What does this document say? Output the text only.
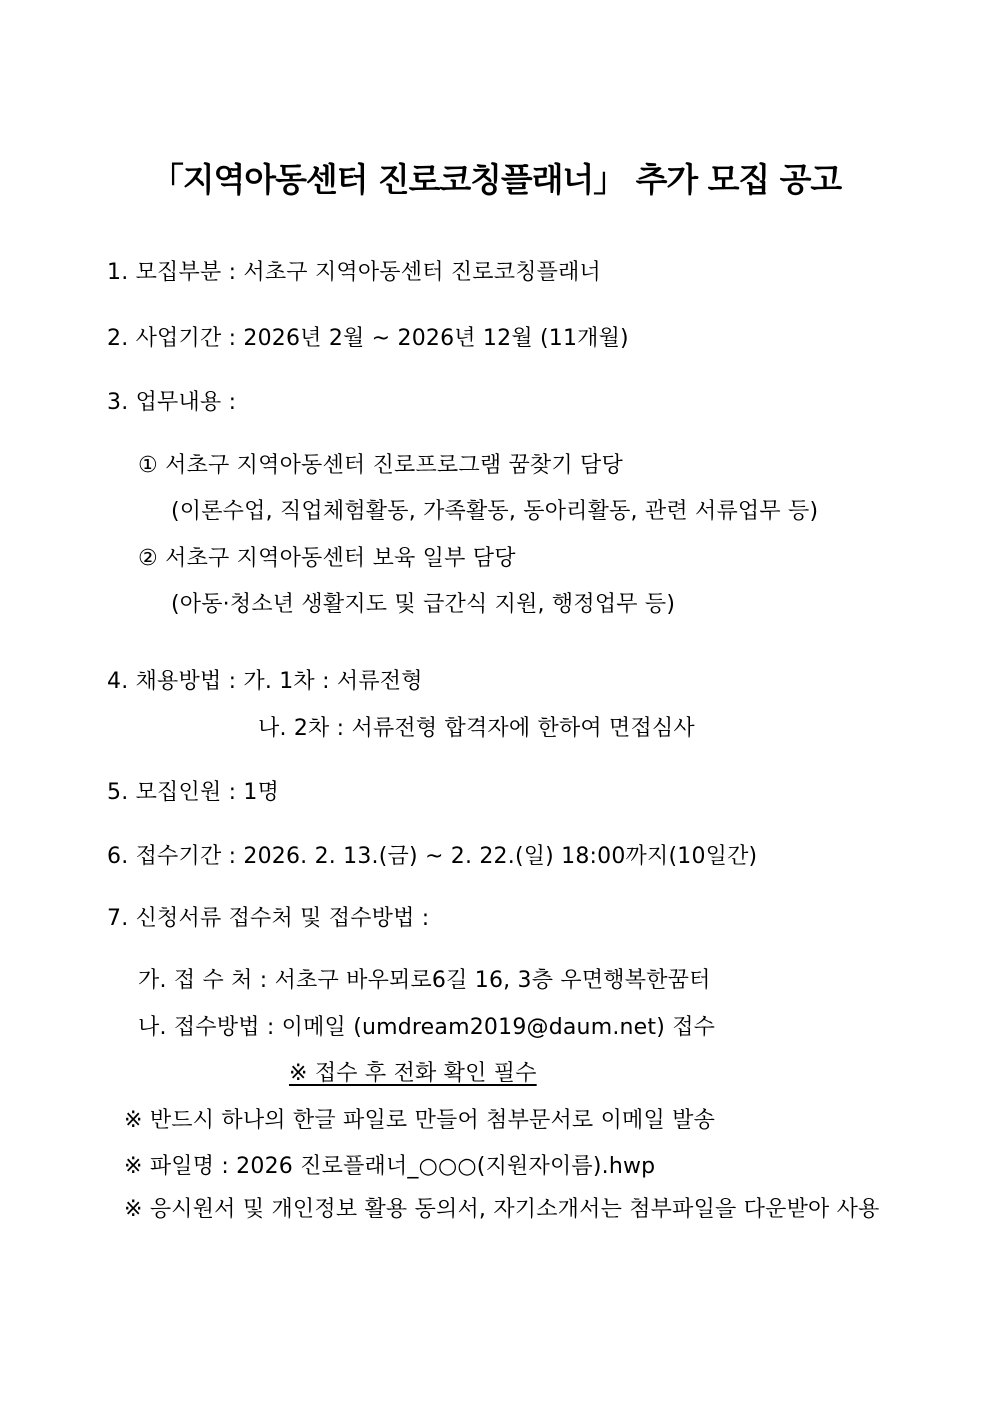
「지역아동센터 진로코칭플래너」 추가 모집 공고
1. 모집부분 : 서초구 지역아동센터 진로코칭플래너
2. 사업기간 : 2026년 2월 ~ 2026년 12월 (11개월)
3. 업무내용 :
① 서초구 지역아동센터 진로프로그램 꿈찾기 담당
(이론수업, 직업체험활동, 가족활동, 동아리활동, 관련 서류업무 등)
② 서초구 지역아동센터 보육 일부 담당
(아동·청소년 생활지도 및 급간식 지원, 행정업무 등)
4. 채용방법 : 가. 1차 : 서류전형
나. 2차 : 서류전형 합격자에 한하여 면접심사
5. 모집인원 : 1명
6. 접수기간 : 2026. 2. 13.(금) ~ 2. 22.(일) 18:00까지(10일간)
7. 신청서류 접수처 및 접수방법 :
가. 접 수 처 : 서초구 바우뫼로6길 16, 3층 우면행복한꿈터
나. 접수방법 : 이메일 (umdream2019@daum.net) 접수
※ 접수 후 전화 확인 필수
※ 반드시 하나의 한글 파일로 만들어 첨부문서로 이메일 발송
※ 파일명 : 2026 진로플래너_○○○(지원자이름).hwp
※ 응시원서 및 개인정보 활용 동의서, 자기소개서는 첨부파일을 다운받아 사용
